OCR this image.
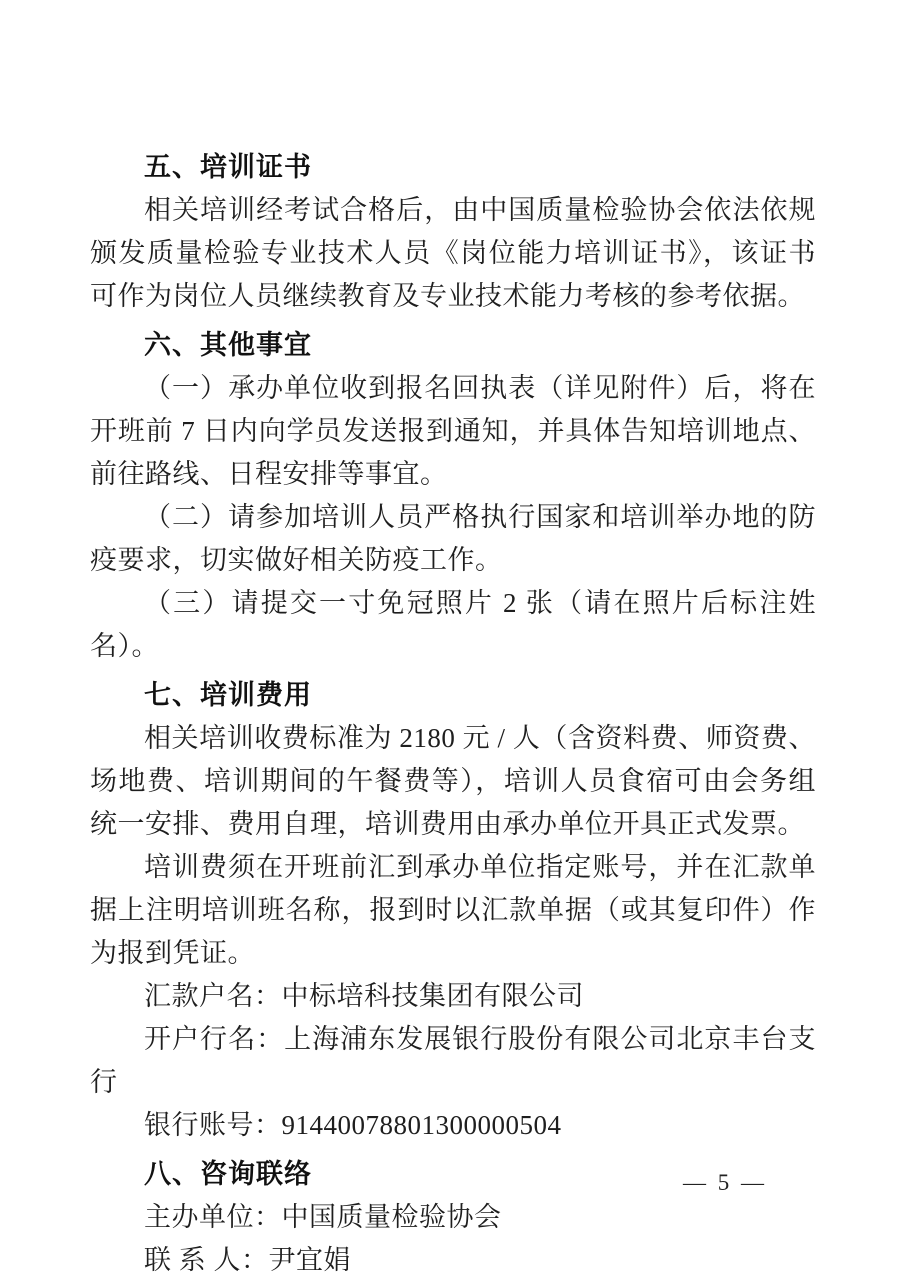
五、培训证书
相关培训经考试合格后，由中国质量检验协会依法依规颁发质量检验专业技术人员《岗位能力培训证书》，该证书可作为岗位人员继续教育及专业技术能力考核的参考依据。
六、其他事宜
（一）承办单位收到报名回执表（详见附件）后，将在开班前 7 日内向学员发送报到通知，并具体告知培训地点、前往路线、日程安排等事宜。
（二）请参加培训人员严格执行国家和培训举办地的防疫要求，切实做好相关防疫工作。
（三）请提交一寸免冠照片 2 张（请在照片后标注姓名）。
七、培训费用
相关培训收费标准为 2180 元 / 人（含资料费、师资费、场地费、培训期间的午餐费等），培训人员食宿可由会务组统一安排、费用自理，培训费用由承办单位开具正式发票。
培训费须在开班前汇到承办单位指定账号，并在汇款单据上注明培训班名称，报到时以汇款单据（或其复印件）作为报到凭证。
汇款户名：中标培科技集团有限公司
开户行名：上海浦东发展银行股份有限公司北京丰台支行
银行账号：91440078801300000504
八、咨询联络
主办单位：中国质量检验协会
联 系 人：尹宜娟
— 5 —
